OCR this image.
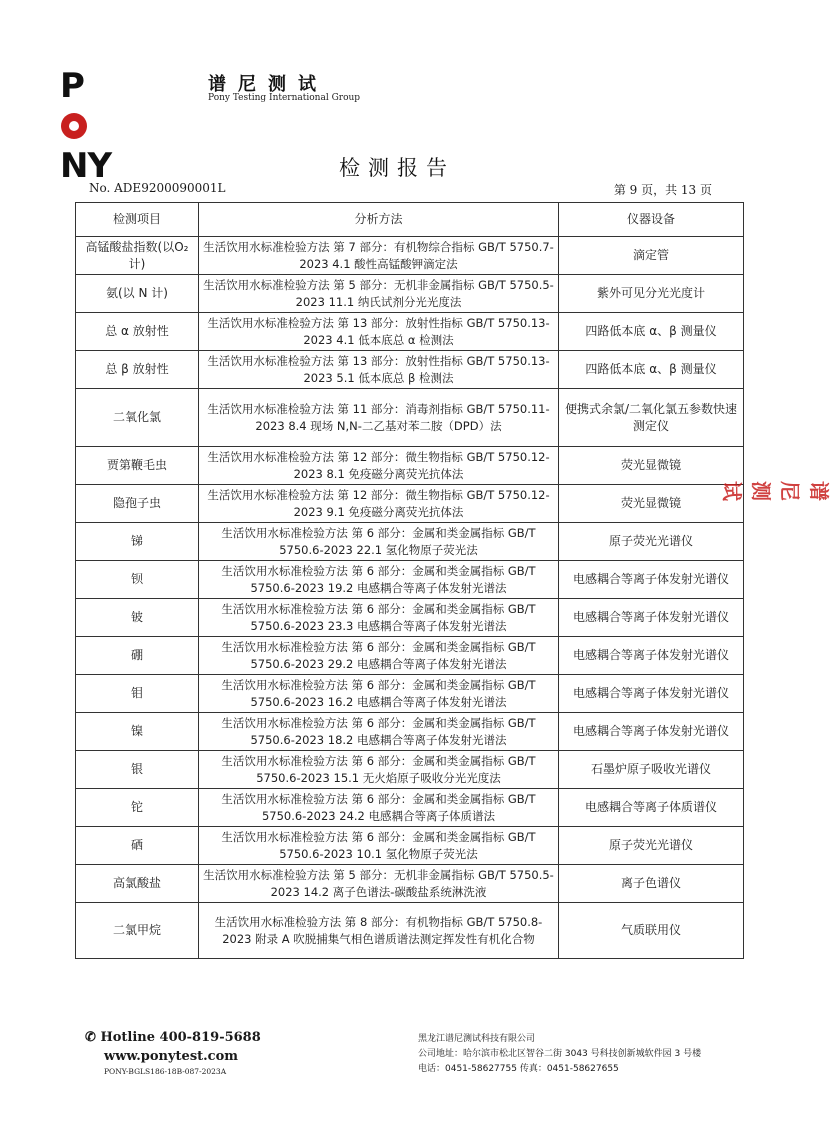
PNY
谱尼测试
Pony Testing International Group
检测报告
No. ADE9200090001L	第 9 页，共 13 页
检测项目	分析方法	仪器设备
高锰酸盐指数(以O₂计)	生活饮用水标准检验方法 第 7 部分：有机物综合指标 GB/T 5750.7-2023 4.1 酸性高锰酸钾滴定法	滴定管
氨(以 N 计)	生活饮用水标准检验方法 第 5 部分：无机非金属指标 GB/T 5750.5-2023 11.1 纳氏试剂分光光度法	紫外可见分光光度计
总 α 放射性	生活饮用水标准检验方法 第 13 部分：放射性指标 GB/T 5750.13-2023 4.1 低本底总 α 检测法	四路低本底 α、β 测量仪
总 β 放射性	生活饮用水标准检验方法 第 13 部分：放射性指标 GB/T 5750.13-2023 5.1 低本底总 β 检测法	四路低本底 α、β 测量仪
二氧化氯	生活饮用水标准检验方法 第 11 部分：消毒剂指标 GB/T 5750.11-2023 8.4 现场 N,N-二乙基对苯二胺（DPD）法	便携式余氯/二氧化氯五参数快速测定仪
贾第鞭毛虫	生活饮用水标准检验方法 第 12 部分：微生物指标 GB/T 5750.12-2023 8.1 免疫磁分离荧光抗体法	荧光显微镜
隐孢子虫	生活饮用水标准检验方法 第 12 部分：微生物指标 GB/T 5750.12-2023 9.1 免疫磁分离荧光抗体法	荧光显微镜
锑	生活饮用水标准检验方法 第 6 部分：金属和类金属指标 GB/T 5750.6-2023 22.1 氢化物原子荧光法	原子荧光光谱仪
钡	生活饮用水标准检验方法 第 6 部分：金属和类金属指标 GB/T 5750.6-2023 19.2 电感耦合等离子体发射光谱法	电感耦合等离子体发射光谱仪
铍	生活饮用水标准检验方法 第 6 部分：金属和类金属指标 GB/T 5750.6-2023 23.3 电感耦合等离子体发射光谱法	电感耦合等离子体发射光谱仪
硼	生活饮用水标准检验方法 第 6 部分：金属和类金属指标 GB/T 5750.6-2023 29.2 电感耦合等离子体发射光谱法	电感耦合等离子体发射光谱仪
钼	生活饮用水标准检验方法 第 6 部分：金属和类金属指标 GB/T 5750.6-2023 16.2 电感耦合等离子体发射光谱法	电感耦合等离子体发射光谱仪
镍	生活饮用水标准检验方法 第 6 部分：金属和类金属指标 GB/T 5750.6-2023 18.2 电感耦合等离子体发射光谱法	电感耦合等离子体发射光谱仪
银	生活饮用水标准检验方法 第 6 部分：金属和类金属指标 GB/T 5750.6-2023 15.1 无火焰原子吸收分光光度法	石墨炉原子吸收光谱仪
铊	生活饮用水标准检验方法 第 6 部分：金属和类金属指标 GB/T 5750.6-2023 24.2 电感耦合等离子体质谱法	电感耦合等离子体质谱仪
硒	生活饮用水标准检验方法 第 6 部分：金属和类金属指标 GB/T 5750.6-2023 10.1 氢化物原子荧光法	原子荧光光谱仪
高氯酸盐	生活饮用水标准检验方法 第 5 部分：无机非金属指标 GB/T 5750.5-2023 14.2 离子色谱法-碳酸盐系统淋洗液	离子色谱仪
二氯甲烷	生活饮用水标准检验方法 第 8 部分：有机物指标 GB/T 5750.8-2023 附录 A 吹脱捕集气相色谱质谱法测定挥发性有机化合物	气质联用仪
✆ Hotline 400-819-5688
www.ponytest.com
PONY-BGLS186-18B-087-2023A
黑龙江谱尼测试科技有限公司
公司地址：哈尔滨市松北区智谷二街 3043 号科技创新城软件园 3 号楼
电话：0451-58627755 传真：0451-58627655
谱尼测试
